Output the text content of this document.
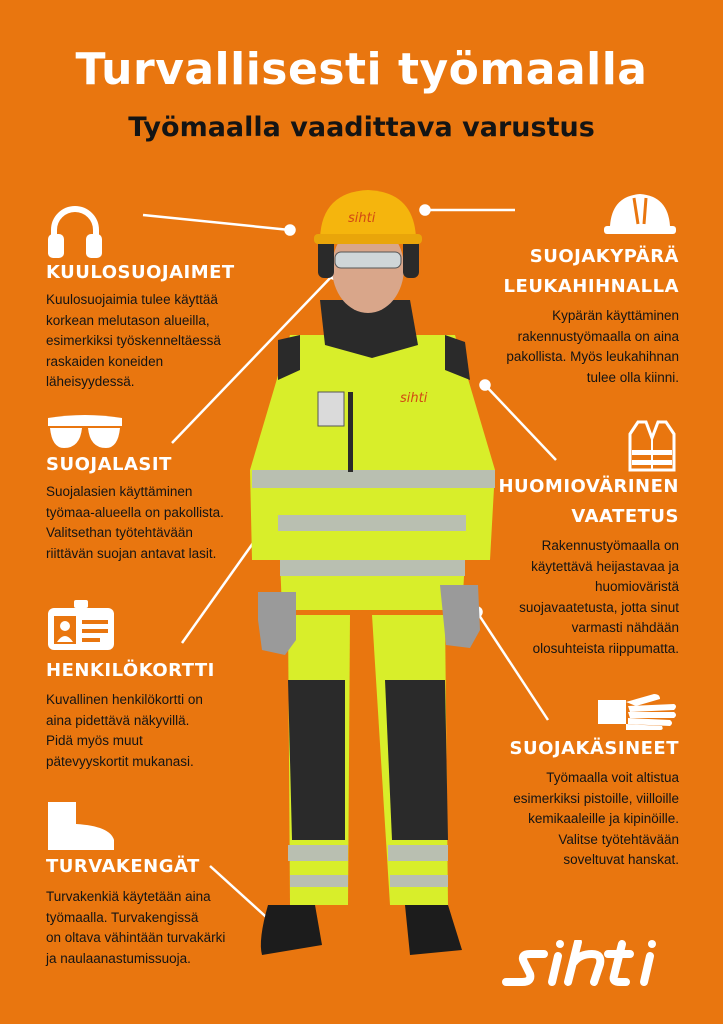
Turvallisesti työmaalla
Työmaalla vaadittava varustus
sihti
sihti
KUULOSUOJAIMET
Kuulosuojaimia tulee käyttää
korkean melutason alueilla,
esimerkiksi työskenneltäessä
raskaiden koneiden
läheisyydessä.
SUOJALASIT
Suojalasien käyttäminen
työmaa-alueella on pakollista.
Valitsethan työtehtävään
riittävän suojan antavat lasit.
HENKILÖKORTTI
Kuvallinen henkilökortti on
aina pidettävä näkyvillä.
Pidä myös muut
pätevyyskortit mukanasi.
TURVAKENGÄT
Turvakenkiä käytetään aina
työmaalla. Turvakengissä
on oltava vähintään turvakärki
ja naulaanastumissuoja.
SUOJAKYPÄRÄ
LEUKAHIHNALLA
Kypärän käyttäminen
rakennustyömaalla on aina
pakollista. Myös leukahihnan
tulee olla kiinni.
HUOMIOVÄRINEN
VAATETUS
Rakennustyömaalla on
käytettävä heijastavaa ja
huomioväristä
suojavaatetusta, jotta sinut
varmasti nähdään
olosuhteista riippumatta.
SUOJAKÄSINEET
Työmaalla voit altistua
esimerkiksi pistoille, viilloille
kemikaaleille ja kipinöille.
Valitse työtehtävään
soveltuvat hanskat.
